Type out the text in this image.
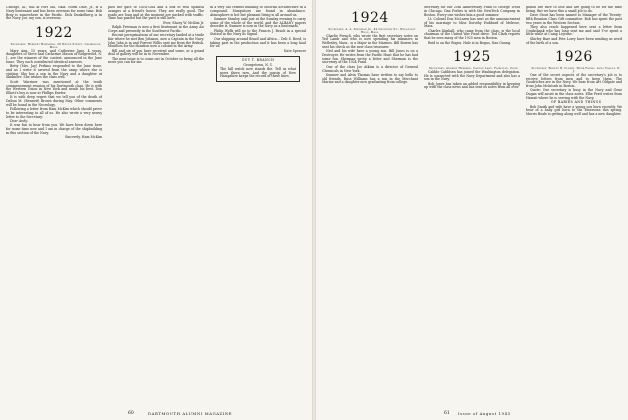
Chicago, Ill.; Bill at Fort Sill, Okla. Norm Dale, Jr., is a Navy lieutenant and has been overseas for some time. Bob Bray is somewhere in the Pacific. Dick Dunkelberg is in the Navy. Joe, my son, is overseas.

1922

Secretary, Herbert Hammond, 28 Wayne Street, Cambridge, Mass.

Mary Ann, 15 years, and Catherine Jane, 4 years, daughters of Steve and Catherine Mason of Ridgewood, N. J., are the winners of the contest, announced in the June issue. They each contributed identical answers.

Betty (Mrs. Jay) Perkins responded to the June issue, and as I write it arrived from the camp where she is visiting. She has a son in the Navy and a daughter at Skidmore. She wishes the class well.

Scott Warriner was mentioned at the tenth commencement reunion of his Dartmouth class. He is with the Western Union in New York and sends his best. Don Elliott's boy is now at Phillips Exeter.

It is with deep regret that we tell you of the death of Dalton M. (Bennett) Brown during May. Other comments will be found in the Necrology.

Following a letter from Ham McKim which should prove to be interesting to all of us. He also wrote a very newsy letter to the Secretary:

Dear Andy:

It was fun to hear from you. We have been down here for some time now and I am in charge of the shipbuilding in this section of the Navy.

Sincerely, Ham McKim

past the gate of Coca-Cola and a box of real Spanish oranges at a friend's house. They are really good. The roads are long and at the moment are packed with traffic. Time has passed but the yard is still here.

Ever, Shuey W. McKim Jr.

Ralph Freeman is now a first lieutenant in the Army Air Corps and presently in the Southwest Pacific.

Recent peregrinations of our secretary landed at a trade fair where he met Ben Johnson, now a Captain in the Navy. John Jahn is in and Forrest Willis sent me from the British. Monitors for the duration now a colonel in the Army.

Bill and six of you have received and some, or a grand deal of gallery will be in to November.

The next issue is to come out in October so bring all the news you can for me.

in a very old cement building of Moorish architecture in a compound. Mosquitoes are found in abundance. Atmosphere is hot but pleasant living is all around us.

Sumner Stanley said just at the Sunday evening to carry some of the whole of the world, and the ALBANY papers describe it, Sumner is now in the Navy as a lieutenant.

Philip Wells will go to the Francis J. Beach in a special Station in the Navy as Signal.

Our shipping around Brazil and Africa... Deb S. Reed, is taking part in the production and it has been a long haul for us.

Nate Spencer

GUY T. BRANCH
Georgetown, N. Y.
The hill watch now stands the. Tell us what news there now. And the gossip of New Hampshire keeps the record of these lines.
60	DARTMOUTH ALUMNI MAGAZINE
1924

Secretary, A. A. Sherman Jr., 42 Glenview St., Wellesley Hills, Mass.

Charlie French, who wrote the first secretary notes on Ted Lamb and who is now spending his summers in Wellesley, Mass., is a Major in the Marines. Bill Bowen has sent his check as the new class treasurer.

Ned and his wife have a young son. Bill Jones is on a Destroyer. He writes from the Pacific Hunt that he has had some fun. Sherman wrote a letter and Sherman is the secretary of the 1924 Fund.

One of the class Joe Atkins is a director of General Chemicals in New York.

Sumner and Alvin Thomas have written to say hello to old friends. Russ Williams has a son in the Merchant Marine and a daughter now graduating from college.

secretary for our 25th Anniversary Fund to George Treat in Chicago. Dan Forbes is with the NewTech Company in Boston. Every one wishes him a good summer.

Lt. Colonel Don McLaren has sent us the announcement of his marriage to Miss Dorothy Hubbard of Melrose, Mass.

Charles Kimball, who came from the class, is the local chairman of the United War Fund drive. Ted Clark reports that he sees many of the 1925 men in Boston.

Reid is on the Bogus. Hale is in Bogus, Nan Gaung.

1925

Secretary, Andrew Hebbard, Candle Lane, Fairfield, Conn.

Cabble Cabblsen has joined the Washington delegation. He is connected with the Navy Department and also has a son in the Navy.

Bob Jones has taken an added responsibility in keeping up with the class news and has sent us notes from all over.

gation are sure to lose and are going to be for the time being. But we have this a small job to do.

Dave Stout has been named to Manager of the Twenty-fifth Reunion Class Gift committee. Bob has spent the past two years in the Western Section.

They also reach happened here sent a letter from Cruikshank who has long sent me and said 'I've spent a little while at Camp Lejeune.'

Shirley Barr and Pete Lorry have been sending us word of the birth of a son.

1926

Secretary, Robert R. Cleary, Webb Farms, Long Valley, N. J.

One of the secret aspects of the secretary's job is to receive letters from men and to keep them. The Goodriches are in the Navy. We hear from Art Oldgate and from John McIntosh in Boston.

Quote: Our secretary is busy in the Navy and Gene Dugan will assist in the class notes. Ellie Pratt writes from Hawaii where he is serving with the Navy.

OF BABIES AND THINGS

Bob Smith and wife have a young son born recently. We hear of a baby girl born to the Emersons this spring. Morris Beale is getting along well and has a new daughter.

61 Issue of August 1943
